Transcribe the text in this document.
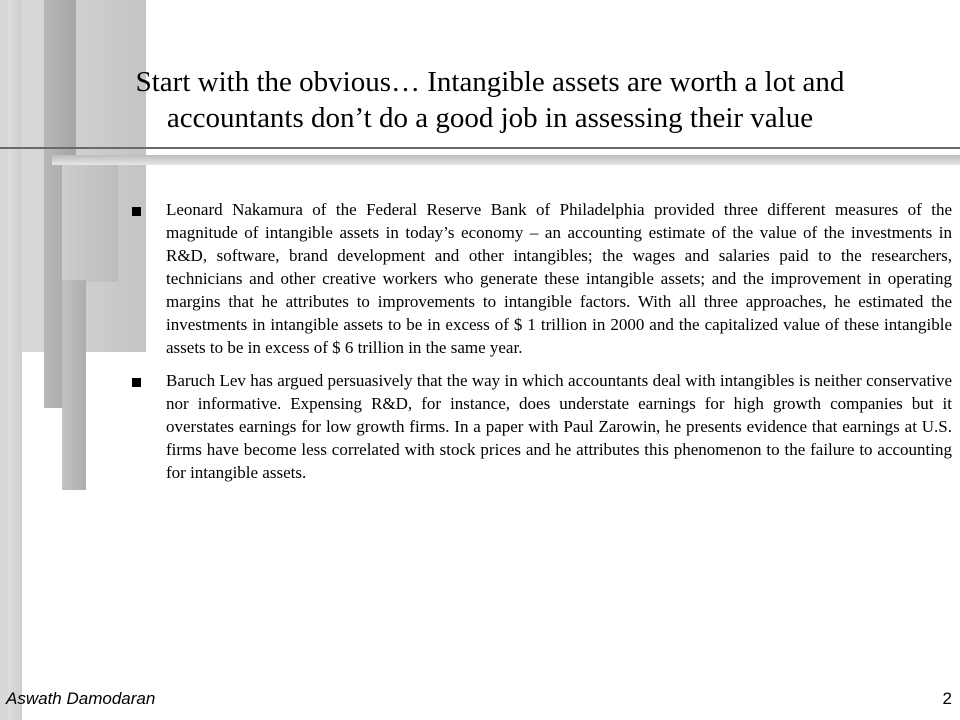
Start with the obvious… Intangible assets are worth a lot and accountants don’t do a good job in assessing their value
Leonard Nakamura of the Federal Reserve Bank of Philadelphia provided three different measures of the magnitude of intangible assets in today’s economy – an accounting estimate of the value of the investments in R&D, software, brand development and other intangibles; the wages and salaries paid to the researchers, technicians and other creative workers who generate these intangible assets; and the improvement in operating margins that he attributes to improvements to intangible factors. With all three approaches, he estimated the investments in intangible assets to be in excess of $ 1 trillion in 2000 and the capitalized value of these intangible assets to be in excess of $ 6 trillion in the same year.
Baruch Lev has argued persuasively that the way in which accountants deal with intangibles is neither conservative nor informative. Expensing R&D, for instance, does understate earnings for high growth companies but it overstates earnings for low growth firms. In a paper with Paul Zarowin, he presents evidence that earnings at U.S. firms have become less correlated with stock prices and he attributes this phenomenon to the failure to accounting for intangible assets.
Aswath Damodaran	2
